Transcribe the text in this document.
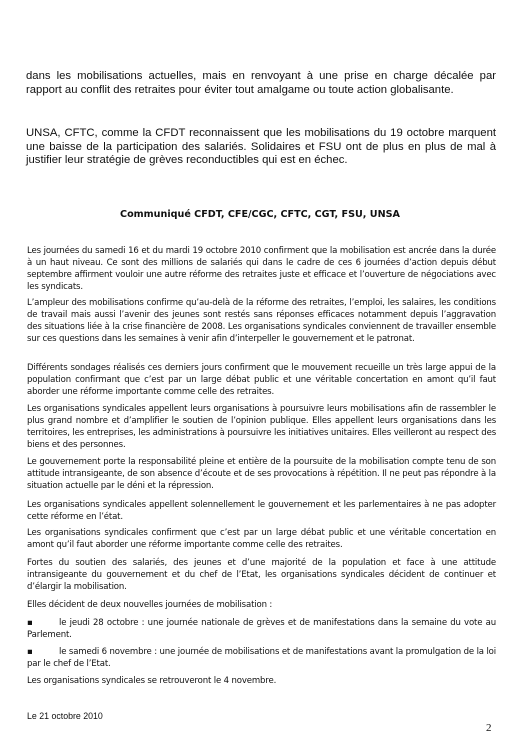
dans les mobilisations actuelles, mais en renvoyant à une prise en charge décalée par rapport au conflit des retraites pour éviter tout amalgame ou toute action globalisante.

UNSA, CFTC, comme la CFDT reconnaissent que les mobilisations du 19 octobre marquent une baisse de la participation des salariés. Solidaires et FSU ont de plus en plus de mal à justifier leur stratégie de grèves reconductibles qui est en échec.

Communiqué CFDT, CFE/CGC, CFTC, CGT, FSU, UNSA

Les journées du samedi 16 et du mardi 19 octobre 2010 confirment que la mobilisation est ancrée dans la durée à un haut niveau. Ce sont des millions de salariés qui dans le cadre de ces 6 journées d’action depuis début septembre affirment vouloir une autre réforme des retraites juste et efficace et l’ouverture de négociations avec les syndicats.

L’ampleur des mobilisations confirme qu’au-delà de la réforme des retraites, l’emploi, les salaires, les conditions de travail mais aussi l’avenir des jeunes sont restés sans réponses efficaces notamment depuis l’aggravation des situations liée à la crise financière de 2008. Les organisations syndicales conviennent de travailler ensemble sur ces questions dans les semaines à venir afin d’interpeller le gouvernement et le patronat.

Différents sondages réalisés ces derniers jours confirment que le mouvement recueille un très large appui de la population confirmant que c’est par un large débat public et une véritable concertation en amont qu’il faut aborder une réforme importante comme celle des retraites.

Les organisations syndicales appellent leurs organisations à poursuivre leurs mobilisations afin de rassembler le plus grand nombre et d’amplifier le soutien de l’opinion publique. Elles appellent leurs organisations dans les territoires, les entreprises, les administrations à poursuivre les initiatives unitaires. Elles veilleront au respect des biens et des personnes.

Le gouvernement porte la responsabilité pleine et entière de la poursuite de la mobilisation compte tenu de son attitude intransigeante, de son absence d’écoute et de ses provocations à répétition. Il ne peut pas répondre à la situation actuelle par le déni et la répression.

Les organisations syndicales appellent solennellement le gouvernement et les parlementaires à ne pas adopter cette réforme en l’état.

Les organisations syndicales confirment que c’est par un large débat public et une véritable concertation en amont qu’il faut aborder une réforme importante comme celle des retraites.

Fortes du soutien des salariés, des jeunes et d’une majorité de la population et face à une attitude intransigeante du gouvernement et du chef de l’Etat, les organisations syndicales décident de continuer et d’élargir la mobilisation.

Elles décident de deux nouvelles journées de mobilisation :

▪	le jeudi 28 octobre : une journée nationale de grèves et de manifestations dans la semaine du vote au Parlement.

▪	le samedi 6 novembre : une journée de mobilisations et de manifestations avant la promulgation de la loi par le chef de l’Etat.

Les organisations syndicales se retrouveront le 4 novembre.

Le 21 octobre 2010
2
